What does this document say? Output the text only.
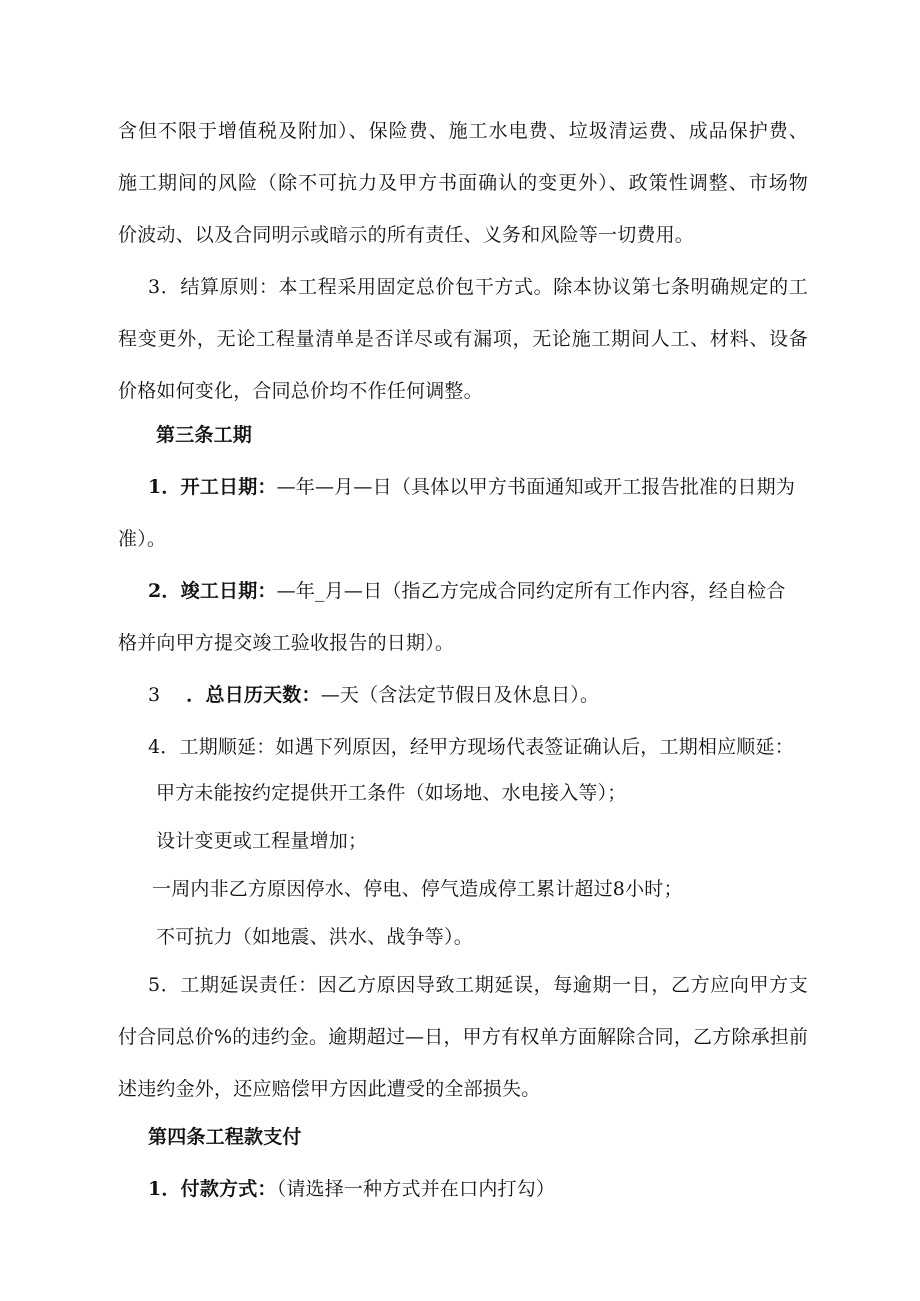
含但不限于增值税及附加）、保险费、施工水电费、垃圾清运费、成品保护费、
施工期间的风险（除不可抗力及甲方书面确认的变更外）、政策性调整、市场物
价波动、以及合同明示或暗示的所有责任、义务和风险等一切费用。
3．结算原则：本工程采用固定总价包干方式。除本协议第七条明确规定的工
程变更外，无论工程量清单是否详尽或有漏项，无论施工期间人工、材料、设备
价格如何变化，合同总价均不作任何调整。
第三条工期
1．开工日期：—年—月—日（具体以甲方书面通知或开工报告批准的日期为
准）。
2．竣工日期：—年_月—日（指乙方完成合同约定所有工作内容，经自检合
格并向甲方提交竣工验收报告的日期）。
3 ．总日历天数：—天（含法定节假日及休息日）。
4．工期顺延：如遇下列原因，经甲方现场代表签证确认后，工期相应顺延：
甲方未能按约定提供开工条件（如场地、水电接入等）；
设计变更或工程量增加；
一周内非乙方原因停水、停电、停气造成停工累计超过8小时；
不可抗力（如地震、洪水、战争等）。
5．工期延误责任：因乙方原因导致工期延误，每逾期一日，乙方应向甲方支
付合同总价%的违约金。逾期超过—日，甲方有权单方面解除合同，乙方除承担前
述违约金外，还应赔偿甲方因此遭受的全部损失。
第四条工程款支付
1．付款方式：（请选择一种方式并在口内打勾）
